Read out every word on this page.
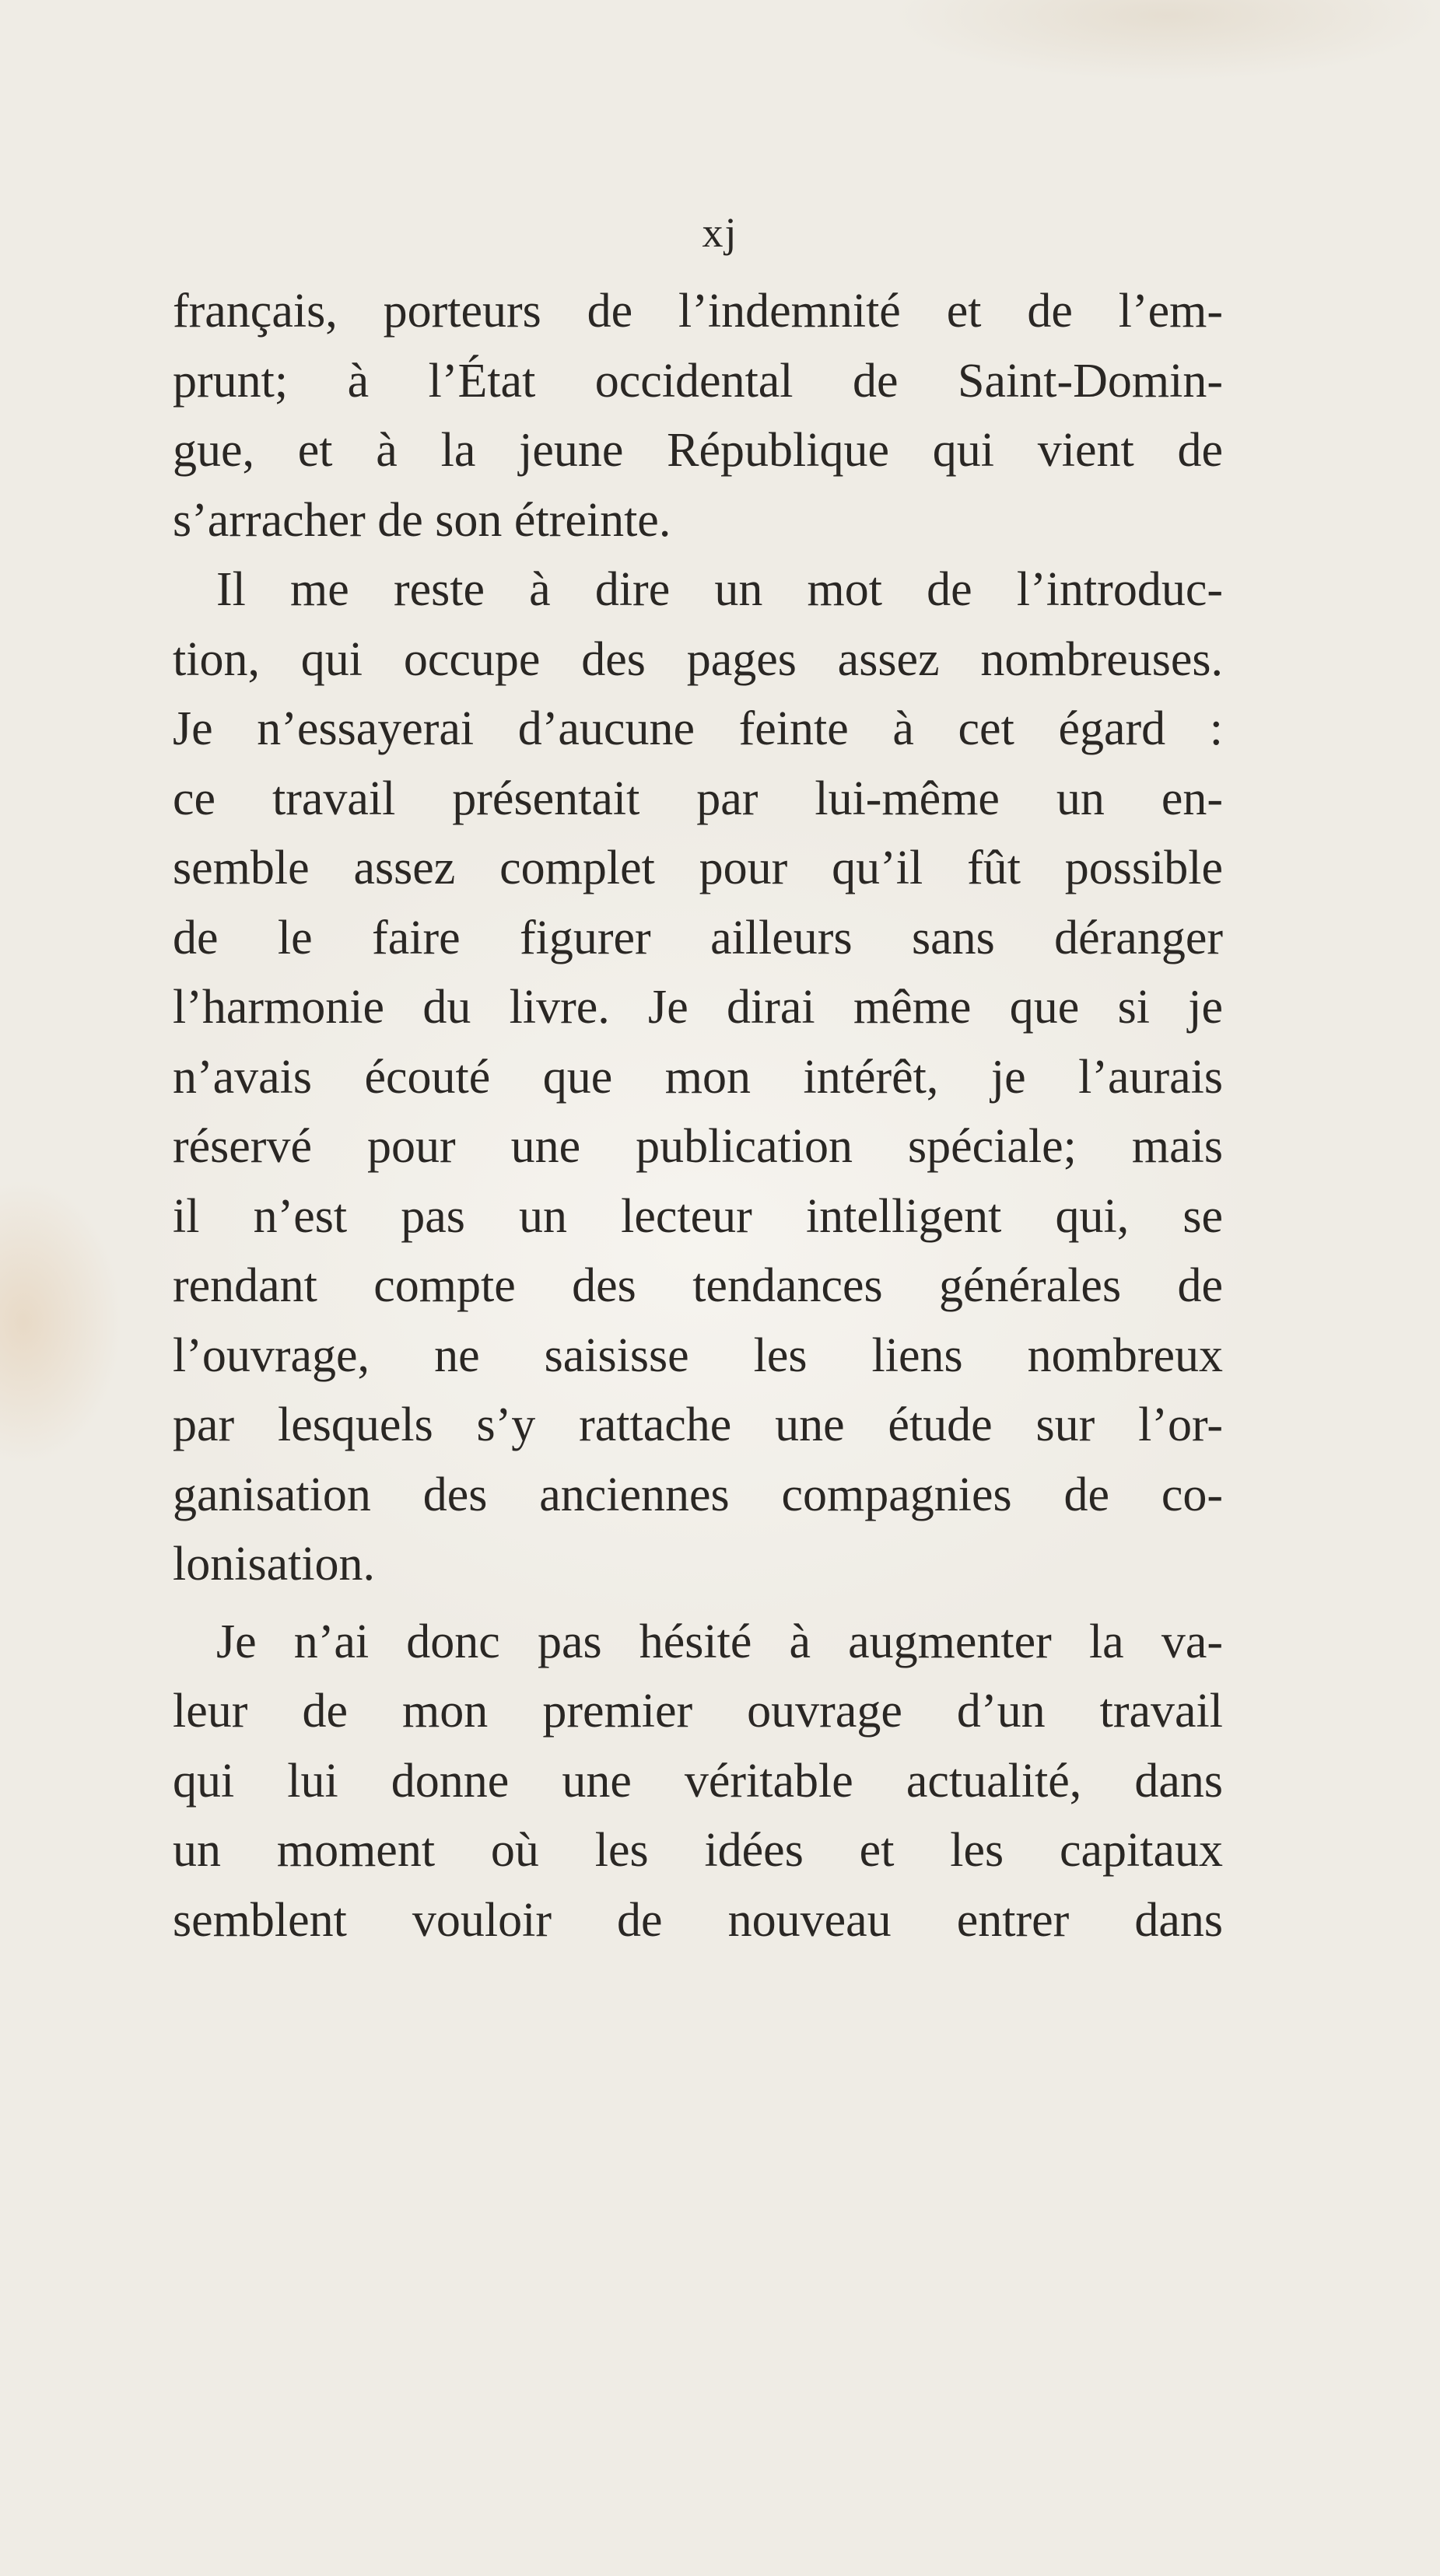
xj
français, porteurs de l’indemnité et de l’em-
prunt; à l’État occidental de Saint-Domin-
gue, et à la jeune République qui vient de
s’arracher de son étreinte.
Il me reste à dire un mot de l’introduc-
tion, qui occupe des pages assez nombreuses.
Je n’essayerai d’aucune feinte à cet égard :
ce travail présentait par lui-même un en-
semble assez complet pour qu’il fût possible
de le faire figurer ailleurs sans déranger
l’harmonie du livre. Je dirai même que si je
n’avais écouté que mon intérêt, je l’aurais
réservé pour une publication spéciale; mais
il n’est pas un lecteur intelligent qui, se
rendant compte des tendances générales de
l’ouvrage, ne saisisse les liens nombreux
par lesquels s’y rattache une étude sur l’or-
ganisation des anciennes compagnies de co-
lonisation.
Je n’ai donc pas hésité à augmenter la va-
leur de mon premier ouvrage d’un travail
qui lui donne une véritable actualité, dans
un moment où les idées et les capitaux
semblent vouloir de nouveau entrer dans
